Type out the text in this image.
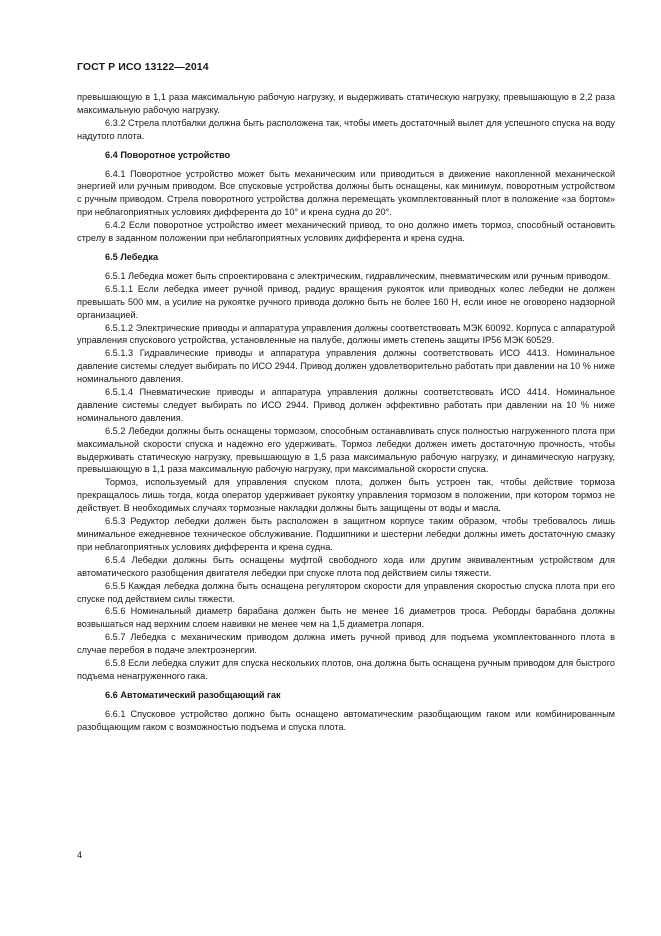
ГОСТ Р ИСО 13122—2014
превышающую в 1,1 раза максимальную рабочую нагрузку, и выдерживать статическую нагрузку, превышающую в 2,2 раза максимальную рабочую нагрузку.
6.3.2 Стрела плотбалки должна быть расположена так, чтобы иметь достаточный вылет для успешного спуска на воду надутого плота.
6.4 Поворотное устройство
6.4.1 Поворотное устройство может быть механическим или приводиться в движение накопленной механической энергией или ручным приводом. Все спусковые устройства должны быть оснащены, как минимум, поворотным устройством с ручным приводом. Стрела поворотного устройства должна перемещать укомплектованный плот в положение «за бортом» при неблагоприятных условиях дифферента до 10° и крена судна до 20°.
6.4.2 Если поворотное устройство имеет механический привод, то оно должно иметь тормоз, способный остановить стрелу в заданном положении при неблагоприятных условиях дифферента и крена судна.
6.5 Лебедка
6.5.1 Лебедка может быть спроектирована с электрическим, гидравлическим, пневматическим или ручным приводом.
6.5.1.1 Если лебедка имеет ручной привод, радиус вращения рукояток или приводных колес лебедки не должен превышать 500 мм, а усилие на рукоятке ручного привода должно быть не более 160 Н, если иное не оговорено надзорной организацией.
6.5.1.2 Электрические приводы и аппаратура управления должны соответствовать МЭК 60092. Корпуса с аппаратурой управления спускового устройства, установленные на палубе, должны иметь степень защиты IP56 МЭК 60529.
6.5.1.3 Гидравлические приводы и аппаратура управления должны соответствовать ИСО 4413. Номинальное давление системы следует выбирать по ИСО 2944. Привод должен удовлетворительно работать при давлении на 10 % ниже номинального давления.
6.5.1.4 Пневматические приводы и аппаратура управления должны соответствовать ИСО 4414. Номинальное давление системы следует выбирать по ИСО 2944. Привод должен эффективно работать при давлении на 10 % ниже номинального давления.
6.5.2 Лебедки должны быть оснащены тормозом, способным останавливать спуск полностью нагруженного плота при максимальной скорости спуска и надежно его удерживать. Тормоз лебедки должен иметь достаточную прочность, чтобы выдерживать статическую нагрузку, превышающую в 1,5 раза максимальную рабочую нагрузку, и динамическую нагрузку, превышающую в 1,1 раза максимальную рабочую нагрузку, при максимальной скорости спуска.
Тормоз, используемый для управления спуском плота, должен быть устроен так, чтобы действие тормоза прекращалось лишь тогда, когда оператор удерживает рукоятку управления тормозом в положении, при котором тормоз не действует. В необходимых случаях тормозные накладки должны быть защищены от воды и масла.
6.5.3 Редуктор лебедки должен быть расположен в защитном корпусе таким образом, чтобы требовалось лишь минимальное ежедневное техническое обслуживание. Подшипники и шестерни лебедки должны иметь достаточную смазку при неблагоприятных условиях дифферента и крена судна.
6.5.4 Лебедки должны быть оснащены муфтой свободного хода или другим эквивалентным устройством для автоматического разобщения двигателя лебедки при спуске плота под действием силы тяжести.
6.5.5 Каждая лебедка должна быть оснащена регулятором скорости для управления скоростью спуска плота при его спуске под действием силы тяжести.
6.5.6 Номинальный диаметр барабана должен быть не менее 16 диаметров троса. Реборды барабана должны возвышаться над верхним слоем навивки не менее чем на 1,5 диаметра лопаря.
6.5.7 Лебедка с механическим приводом должна иметь ручной привод для подъема укомплектованного плота в случае перебоя в подаче электроэнергии.
6.5.8 Если лебедка служит для спуска нескольких плотов, она должна быть оснащена ручным приводом для быстрого подъема ненагруженного гака.
6.6 Автоматический разобщающий гак
6.6.1 Спусковое устройство должно быть оснащено автоматическим разобщающим гаком или комбинированным разобщающим гаком с возможностью подъема и спуска плота.
4
